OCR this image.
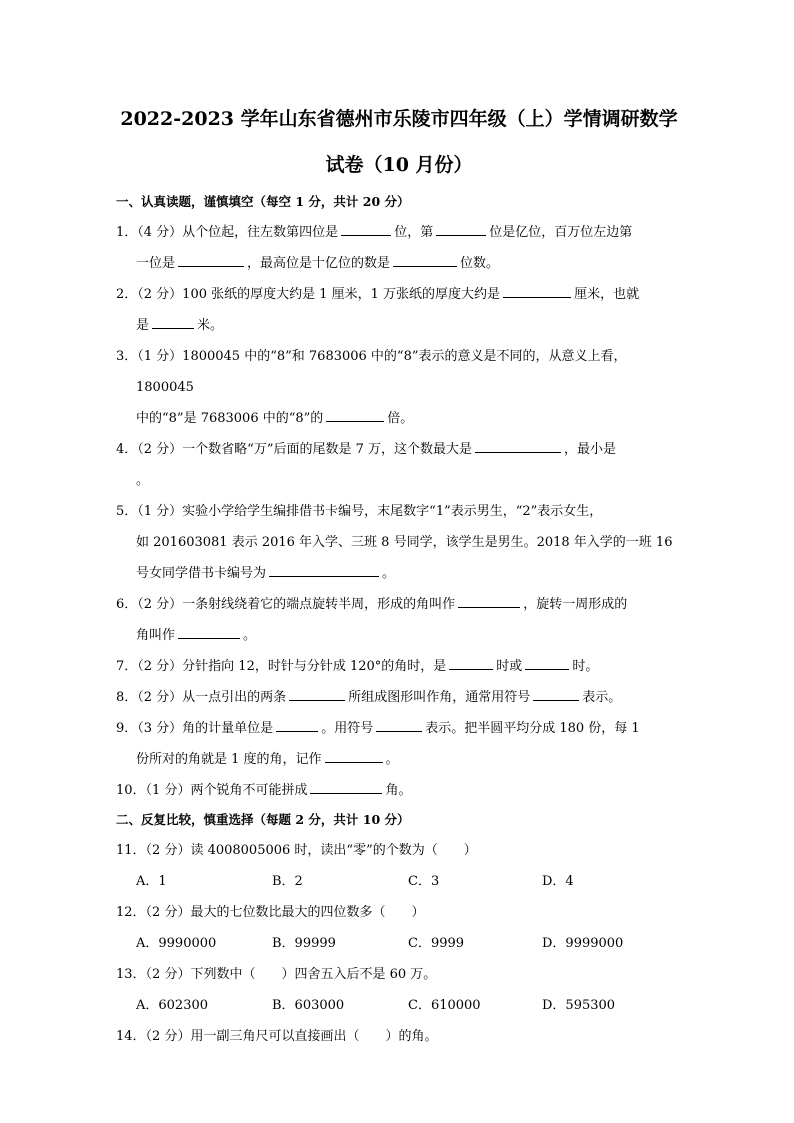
2022-2023 学年山东省德州市乐陵市四年级（上）学情调研数学

试卷（10 月份）

一、认真读题，谨慎填空（每空 1 分，共计 20 分）

1．（4 分）从个位起，往左数第四位是	位，第	位是亿位，百万位左边第
一位是	，最高位是十亿位的数是	位数。

2．（2 分）100 张纸的厚度大约是 1 厘米，1 万张纸的厚度大约是	厘米，也就
是	米。

3．（1 分）1800045 中的“8”和 7683006 中的“8”表示的意义是不同的，从意义上看，1800045
中的“8”是 7683006 中的“8”的	倍。

4．（2 分）一个数省略“万”后面的尾数是 7 万，这个数最大是	，最小是
。

5．（1 分）实验小学给学生编排借书卡编号，末尾数字“1”表示男生，“2”表示女生，
如 201603081 表示 2016 年入学、三班 8 号同学，该学生是男生。2018 年入学的一班 16
号女同学借书卡编号为	。

6．（2 分）一条射线绕着它的端点旋转半周，形成的角叫作	，旋转一周形成的
角叫作	。

7．（2 分）分针指向 12，时针与分针成 120°的角时，是	时或	时。

8．（2 分）从一点引出的两条	所组成图形叫作角，通常用符号	表示。

9．（3 分）角的计量单位是	。用符号	表示。把半圆平均分成 180 份，每 1
份所对的角就是 1 度的角，记作	。

10．（1 分）两个锐角不可能拼成	角。

二、反复比较，慎重选择（每题 2 分，共计 10 分）

11．（2 分）读 4008005006 时，读出“零”的个数为（　　）

A．1	B．2	C．3	D．4

12．（2 分）最大的七位数比最大的四位数多（　　）

A．9990000	B．99999	C．9999	D．9999000

13．（2 分）下列数中（　　）四舍五入后不是 60 万。

A．602300	B．603000	C．610000	D．595300

14．（2 分）用一副三角尺可以直接画出（　　）的角。
